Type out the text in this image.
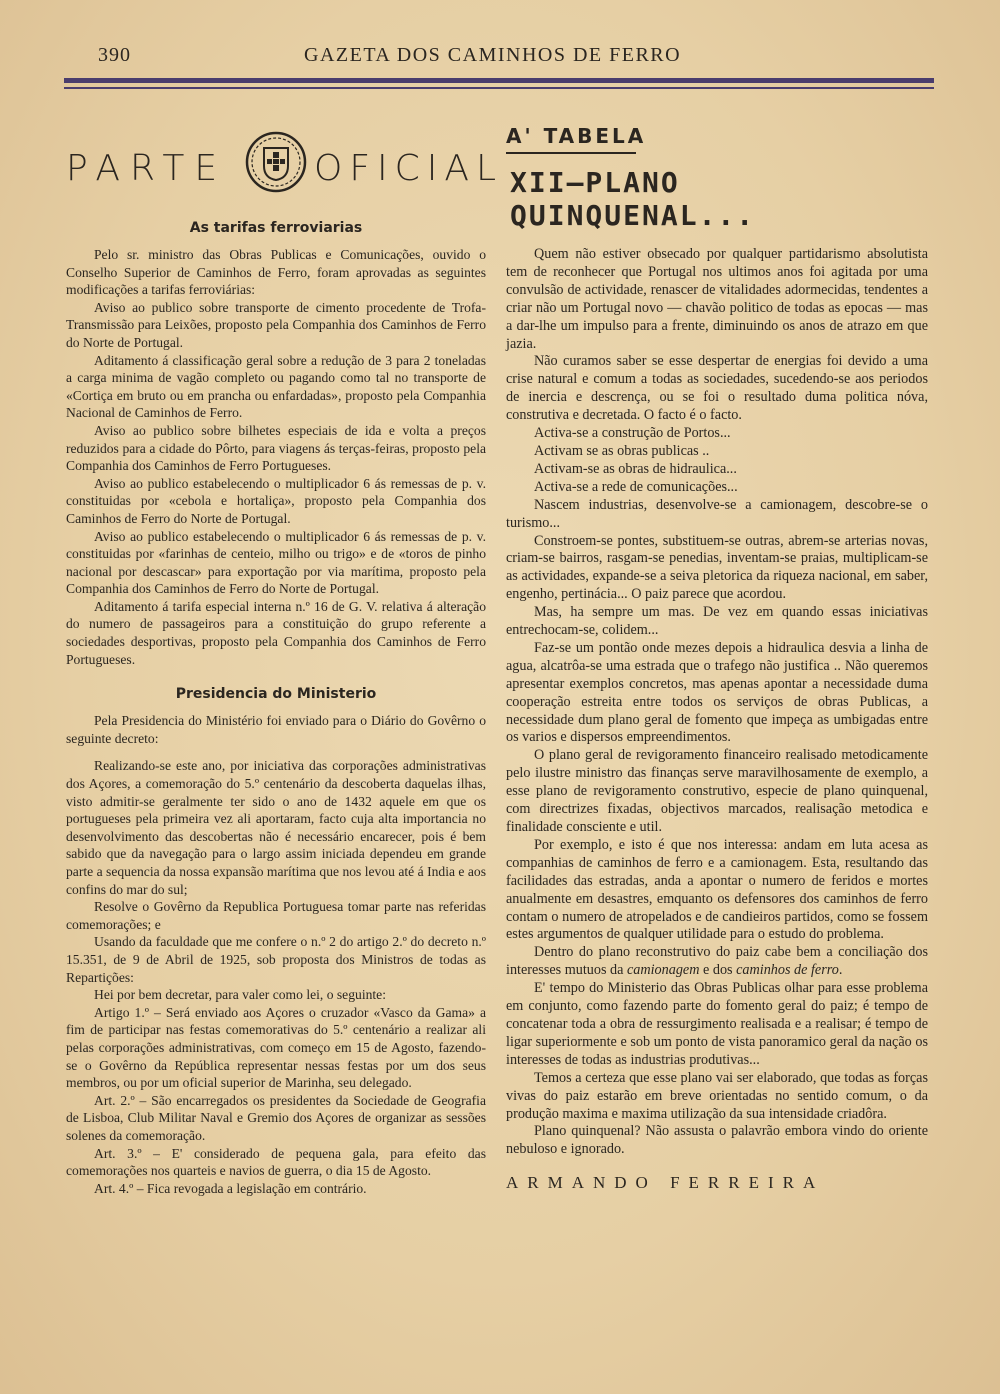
390	GAZETA DOS CAMINHOS DE FERRO
PARTE OFICIAL
As tarifas ferroviarias

Pelo sr. ministro das Obras Publicas e Comunicações, ouvido o Conselho Superior de Caminhos de Ferro, foram aprovadas as seguintes modificações a tarifas ferroviárias:

Aviso ao publico sobre transporte de cimento procedente de Trofa-Transmissão para Leixões, proposto pela Companhia dos Caminhos de Ferro do Norte de Portugal.

Aditamento á classificação geral sobre a redução de 3 para 2 toneladas a carga minima de vagão completo ou pagando como tal no transporte de «Cortiça em bruto ou em prancha ou enfardadas», proposto pela Companhia Nacional de Caminhos de Ferro.

Aviso ao publico sobre bilhetes especiais de ida e volta a preços reduzidos para a cidade do Pôrto, para viagens ás terças-feiras, proposto pela Companhia dos Caminhos de Ferro Portugueses.

Aviso ao publico estabelecendo o multiplicador 6 ás remessas de p. v. constituidas por «cebola e hortaliça», proposto pela Companhia dos Caminhos de Ferro do Norte de Portugal.

Aviso ao publico estabelecendo o multiplicador 6 ás remessas de p. v. constituidas por «farinhas de centeio, milho ou trigo» e de «toros de pinho nacional por descascar» para exportação por via marítima, proposto pela Companhia dos Caminhos de Ferro do Norte de Portugal.

Aditamento á tarifa especial interna n.º 16 de G. V. relativa á alteração do numero de passageiros para a constituição do grupo referente a sociedades desportivas, proposto pela Companhia dos Caminhos de Ferro Portugueses.

Presidencia do Ministerio

Pela Presidencia do Ministério foi enviado para o Diário do Govêrno o seguinte decreto:

Realizando-se este ano, por iniciativa das corporações administrativas dos Açores, a comemoração do 5.º centenário da descoberta daquelas ilhas, visto admitir-se geralmente ter sido o ano de 1432 aquele em que os portugueses pela primeira vez ali aportaram, facto cuja alta importancia no desenvolvimento das descobertas não é necessário encarecer, pois é bem sabido que da navegação para o largo assim iniciada dependeu em grande parte a sequencia da nossa expansão marítima que nos levou até á India e aos confins do mar do sul;

Resolve o Govêrno da Republica Portuguesa tomar parte nas referidas comemorações; e

Usando da faculdade que me confere o n.º 2 do artigo 2.º do decreto n.º 15.351, de 9 de Abril de 1925, sob proposta dos Ministros de todas as Repartições:

Hei por bem decretar, para valer como lei, o seguinte:

Artigo 1.º – Será enviado aos Açores o cruzador «Vasco da Gama» a fim de participar nas festas comemorativas do 5.º centenário a realizar ali pelas corporações administrativas, com começo em 15 de Agosto, fazendo-se o Govêrno da República representar nessas festas por um dos seus membros, ou por um oficial superior de Marinha, seu delegado.

Art. 2.º – São encarregados os presidentes da Sociedade de Geografia de Lisboa, Club Militar Naval e Gremio dos Açores de organizar as sessões solenes da comemoração.

Art. 3.º – E' considerado de pequena gala, para efeito das comemorações nos quarteis e navios de guerra, o dia 15 de Agosto.

Art. 4.º – Fica revogada a legislação em contrário.

A' TABELA
XII—PLANO QUINQUENAL...

Quem não estiver obsecado por qualquer partidarismo absolutista tem de reconhecer que Portugal nos ultimos anos foi agitada por uma convulsão de actividade, renascer de vitalidades adormecidas, tendentes a criar não um Portugal novo — chavão politico de todas as epocas — mas a dar-lhe um impulso para a frente, diminuindo os anos de atrazo em que jazia.

Não curamos saber se esse despertar de energias foi devido a uma crise natural e comum a todas as sociedades, sucedendo-se aos periodos de inercia e descrença, ou se foi o resultado duma politica nóva, construtiva e decretada. O facto é o facto.

Activa-se a construção de Portos...

Activam se as obras publicas ..

Activam-se as obras de hidraulica...

Activa-se a rede de comunicações...

Nascem industrias, desenvolve-se a camionagem, descobre-se o turismo...

Constroem-se pontes, substituem-se outras, abrem-se arterias novas, criam-se bairros, rasgam-se penedias, inventam-se praias, multiplicam-se as actividades, expande-se a seiva pletorica da riqueza nacional, em saber, engenho, pertinácia... O paiz parece que acordou.

Mas, ha sempre um mas. De vez em quando essas iniciativas entrechocam-se, colidem...

Faz-se um pontão onde mezes depois a hidraulica desvia a linha de agua, alcatrôa-se uma estrada que o trafego não justifica .. Não queremos apresentar exemplos concretos, mas apenas apontar a necessidade duma cooperação estreita entre todos os serviços de obras Publicas, a necessidade dum plano geral de fomento que impeça as umbigadas entre os varios e dispersos empreendimentos.

O plano geral de revigoramento financeiro realisado metodicamente pelo ilustre ministro das finanças serve maravilhosamente de exemplo, a esse plano de revigoramento construtivo, especie de plano quinquenal, com directrizes fixadas, objectivos marcados, realisação metodica e finalidade consciente e util.

Por exemplo, e isto é que nos interessa: andam em luta acesa as companhias de caminhos de ferro e a camionagem. Esta, resultando das facilidades das estradas, anda a apontar o numero de feridos e mortes anualmente em desastres, emquanto os defensores dos caminhos de ferro contam o numero de atropelados e de candieiros partidos, como se fossem estes argumentos de qualquer utilidade para o estudo do problema.

Dentro do plano reconstrutivo do paiz cabe bem a conciliação dos interesses mutuos da camionagem e dos caminhos de ferro.

E' tempo do Ministerio das Obras Publicas olhar para esse problema em conjunto, como fazendo parte do fomento geral do paiz; é tempo de concatenar toda a obra de ressurgimento realisada e a realisar; é tempo de ligar superiormente e sob um ponto de vista panoramico geral da nação os interesses de todas as industrias produtivas...

Temos a certeza que esse plano vai ser elaborado, que todas as forças vivas do paiz estarão em breve orientadas no sentido comum, o da produção maxima e maxima utilização da sua intensidade criadôra.

Plano quinquenal? Não assusta o palavrão embora vindo do oriente nebuloso e ignorado.

ARMANDO FERREIRA
